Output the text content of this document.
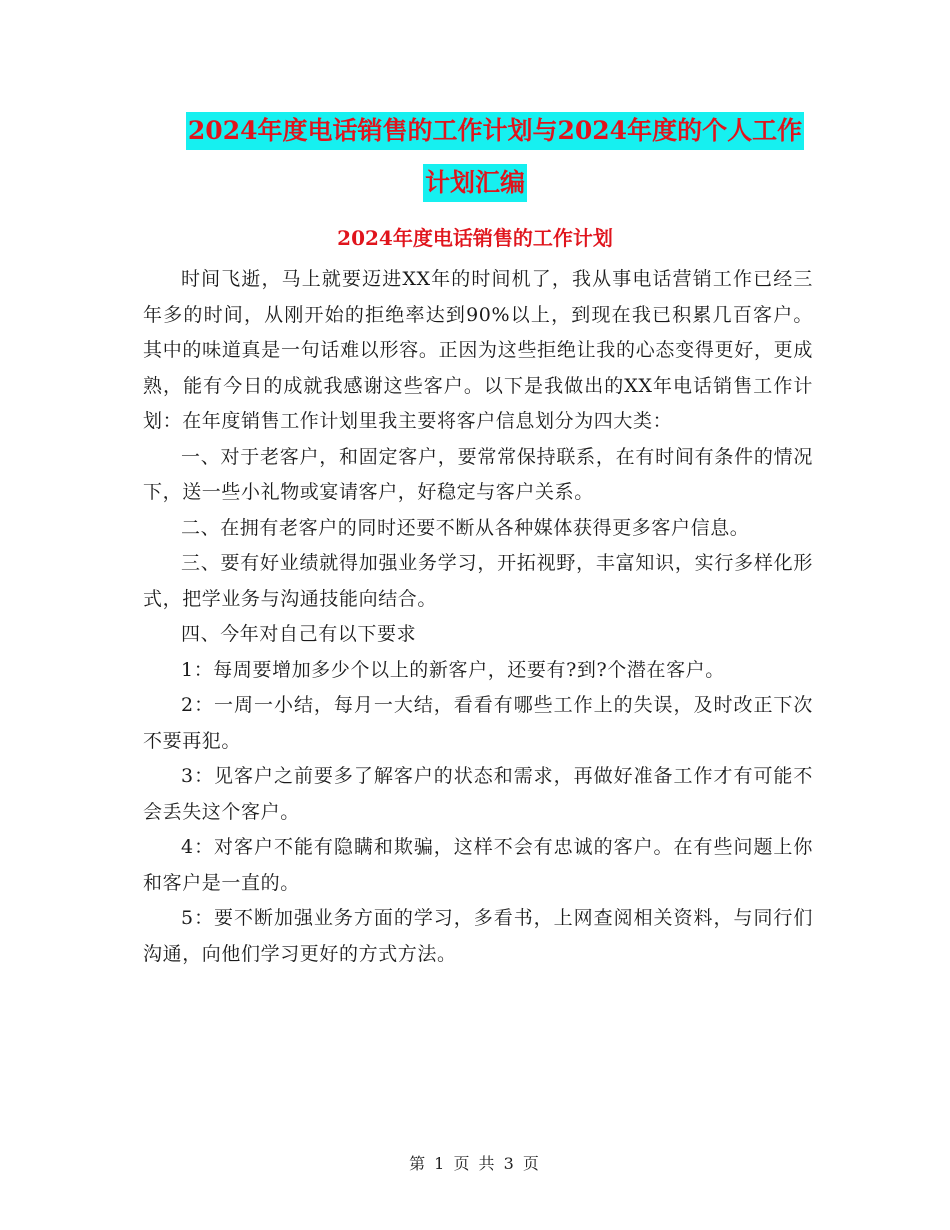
2024年度电话销售的工作计划与2024年度的个人工作
计划汇编
2024年度电话销售的工作计划

时间飞逝，马上就要迈进XX年的时间机了，我从事电话营销工作已经三年多的时间，从刚开始的拒绝率达到90%以上，到现在我已积累几百客户。其中的味道真是一句话难以形容。正因为这些拒绝让我的心态变得更好，更成熟，能有今日的成就我感谢这些客户。以下是我做出的XX年电话销售工作计划：在年度销售工作计划里我主要将客户信息划分为四大类：

一、对于老客户，和固定客户，要常常保持联系，在有时间有条件的情况下，送一些小礼物或宴请客户，好稳定与客户关系。

二、在拥有老客户的同时还要不断从各种媒体获得更多客户信息。

三、要有好业绩就得加强业务学习，开拓视野，丰富知识，实行多样化形式，把学业务与沟通技能向结合。

四、今年对自己有以下要求

1：每周要增加多少个以上的新客户，还要有?到?个潜在客户。

2：一周一小结，每月一大结，看看有哪些工作上的失误，及时改正下次不要再犯。

3：见客户之前要多了解客户的状态和需求，再做好准备工作才有可能不会丢失这个客户。

4：对客户不能有隐瞒和欺骗，这样不会有忠诚的客户。在有些问题上你和客户是一直的。

5：要不断加强业务方面的学习，多看书，上网查阅相关资料，与同行们沟通，向他们学习更好的方式方法。

第 1 页 共 3 页
